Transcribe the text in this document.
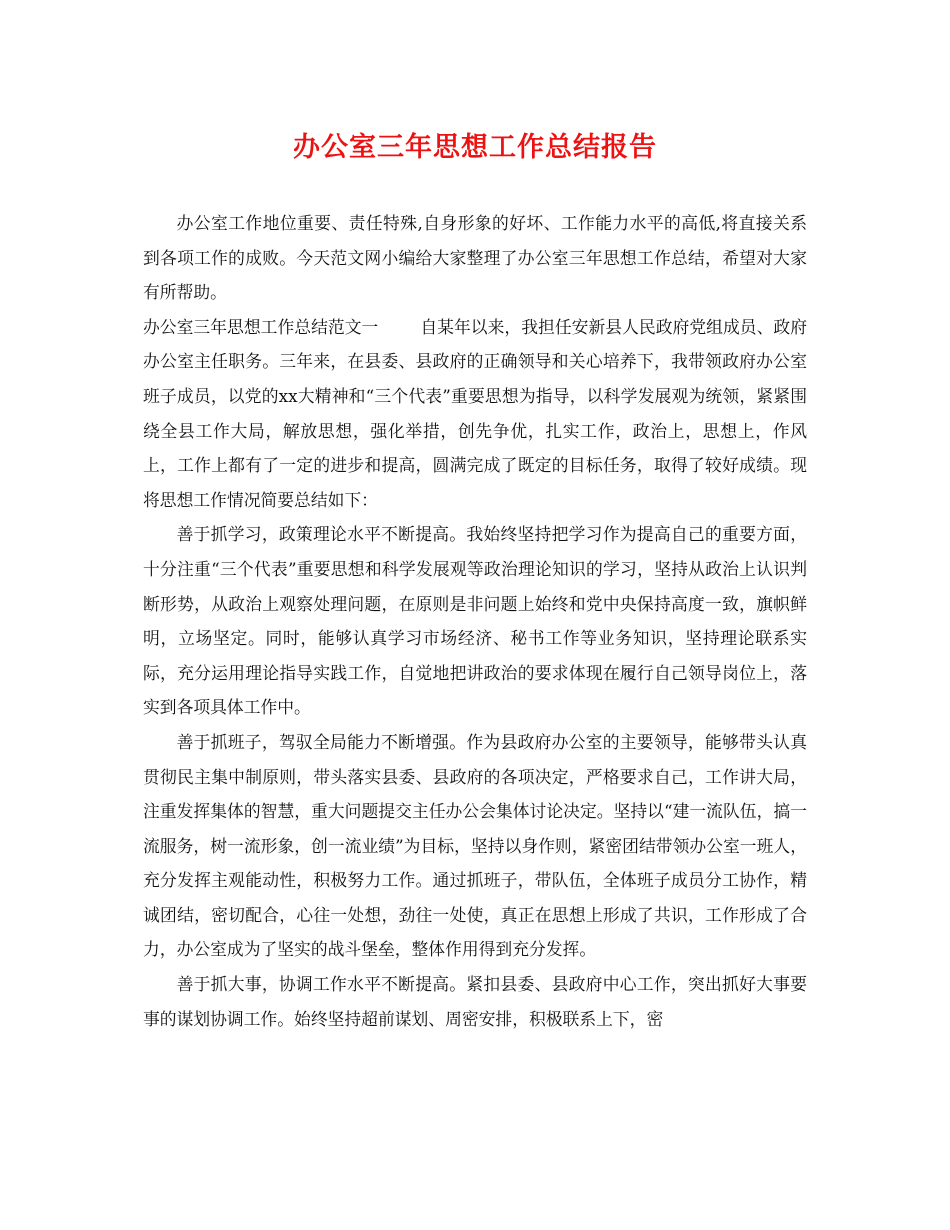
办公室三年思想工作总结报告

办公室工作地位重要、责任特殊,自身形象的好坏、工作能力水平的高低,将直接关系到各项工作的成败。今天范文网小编给大家整理了办公室三年思想工作总结，希望对大家有所帮助。

办公室三年思想工作总结范文一	自某年以来，我担任安新县人民政府党组成员、政府办公室主任职务。三年来，在县委、县政府的正确领导和关心培养下，我带领政府办公室班子成员，以党的xx大精神和“三个代表”重要思想为指导，以科学发展观为统领，紧紧围绕全县工作大局，解放思想，强化举措，创先争优，扎实工作，政治上，思想上，作风上，工作上都有了一定的进步和提高，圆满完成了既定的目标任务，取得了较好成绩。现将思想工作情况简要总结如下：

善于抓学习，政策理论水平不断提高。我始终坚持把学习作为提高自己的重要方面，十分注重“三个代表”重要思想和科学发展观等政治理论知识的学习，坚持从政治上认识判断形势，从政治上观察处理问题，在原则是非问题上始终和党中央保持高度一致，旗帜鲜明，立场坚定。同时，能够认真学习市场经济、秘书工作等业务知识，坚持理论联系实际，充分运用理论指导实践工作，自觉地把讲政治的要求体现在履行自己领导岗位上，落实到各项具体工作中。

善于抓班子，驾驭全局能力不断增强。作为县政府办公室的主要领导，能够带头认真贯彻民主集中制原则，带头落实县委、县政府的各项决定，严格要求自己，工作讲大局，注重发挥集体的智慧，重大问题提交主任办公会集体讨论决定。坚持以“建一流队伍，搞一流服务，树一流形象，创一流业绩”为目标，坚持以身作则，紧密团结带领办公室一班人，充分发挥主观能动性，积极努力工作。通过抓班子，带队伍，全体班子成员分工协作，精诚团结，密切配合，心往一处想，劲往一处使，真正在思想上形成了共识，工作形成了合力，办公室成为了坚实的战斗堡垒，整体作用得到充分发挥。

善于抓大事，协调工作水平不断提高。紧扣县委、县政府中心工作，突出抓好大事要事的谋划协调工作。始终坚持超前谋划、周密安排，积极联系上下，密
